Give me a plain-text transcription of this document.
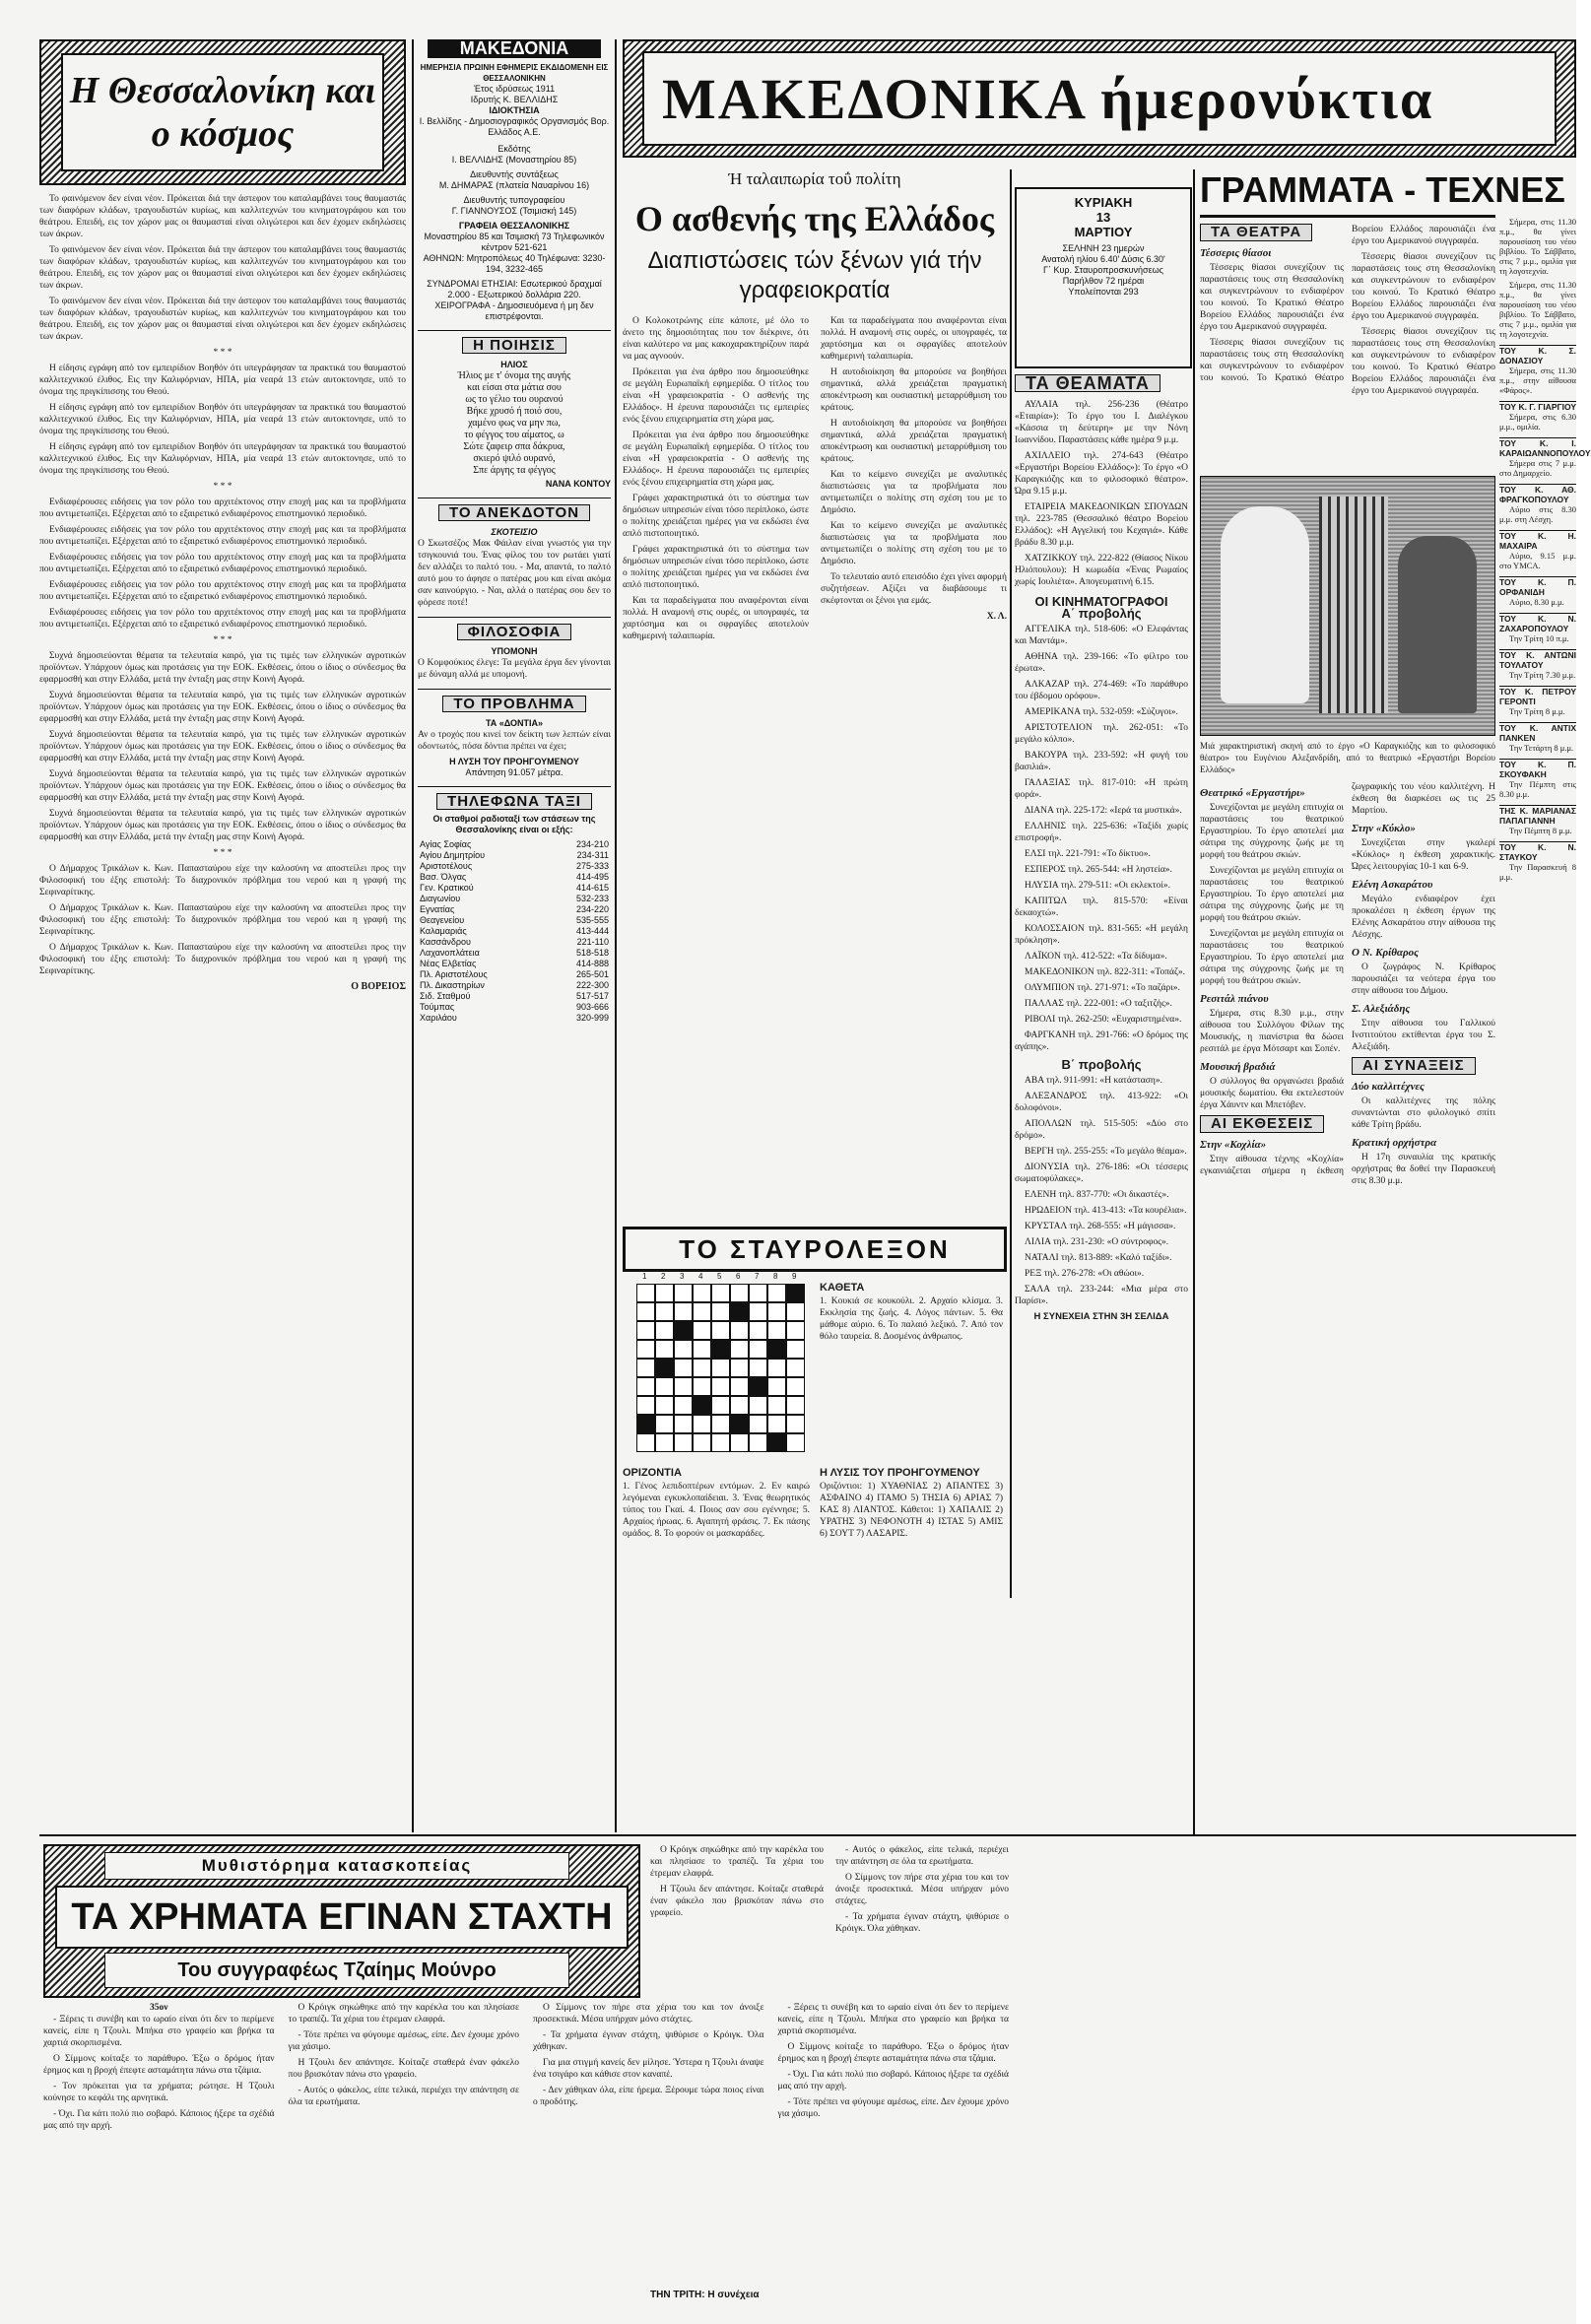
Η Θεσσαλονίκη και ο κόσμος

Το φαινόμενον δεν είναι νέον. Πρόκειται διά την άστεφον του καταλαμβάνει τους θαυμαστάς των διαφόρων κλάδων, τραγουδιστών κυρίως, και καλλιτεχνών του κινηματογράφου και του θεάτρου. Επειδή, εις τον χώρον μας οι θαυμασταί είναι ολιγώτεροι και δεν έχομεν εκδηλώσεις των άκρων.

Το φαινόμενον δεν είναι νέον. Πρόκειται διά την άστεφον του καταλαμβάνει τους θαυμαστάς των διαφόρων κλάδων, τραγουδιστών κυρίως, και καλλιτεχνών του κινηματογράφου και του θεάτρου. Επειδή, εις τον χώρον μας οι θαυμασταί είναι ολιγώτεροι και δεν έχομεν εκδηλώσεις των άκρων.

Το φαινόμενον δεν είναι νέον. Πρόκειται διά την άστεφον του καταλαμβάνει τους θαυμαστάς των διαφόρων κλάδων, τραγουδιστών κυρίως, και καλλιτεχνών του κινηματογράφου και του θεάτρου. Επειδή, εις τον χώρον μας οι θαυμασταί είναι ολιγώτεροι και δεν έχομεν εκδηλώσεις των άκρων.

* * *

Η είδησις εγράφη από τον εμπειρίδιον Βοηθόν ότι υπεγράφησαν τα πρακτικά του θαυμαστού καλλιτεχνικού έλιθος. Εις την Καλιφόρνιαν, ΗΠΑ, μία νεαρά 13 ετών αυτοκτονησε, υπό το όνομα της πριγκίπισσης του Θεού.

Η είδησις εγράφη από τον εμπειρίδιον Βοηθόν ότι υπεγράφησαν τα πρακτικά του θαυμαστού καλλιτεχνικού έλιθος. Εις την Καλιφόρνιαν, ΗΠΑ, μία νεαρά 13 ετών αυτοκτονησε, υπό το όνομα της πριγκίπισσης του Θεού.

Η είδησις εγράφη από τον εμπειρίδιον Βοηθόν ότι υπεγράφησαν τα πρακτικά του θαυμαστού καλλιτεχνικού έλιθος. Εις την Καλιφόρνιαν, ΗΠΑ, μία νεαρά 13 ετών αυτοκτονησε, υπό το όνομα της πριγκίπισσης του Θεού.

* * *

Ενδιαφέρουσες ειδήσεις για τον ρόλο του αρχιτέκτονος στην εποχή μας και τα προβλήματα που αντιμετωπίζει. Εξέρχεται από το εξαιρετικό ενδιαφέρονος επιστημονικό περιοδικό.

Ενδιαφέρουσες ειδήσεις για τον ρόλο του αρχιτέκτονος στην εποχή μας και τα προβλήματα που αντιμετωπίζει. Εξέρχεται από το εξαιρετικό ενδιαφέρονος επιστημονικό περιοδικό.

Ενδιαφέρουσες ειδήσεις για τον ρόλο του αρχιτέκτονος στην εποχή μας και τα προβλήματα που αντιμετωπίζει. Εξέρχεται από το εξαιρετικό ενδιαφέρονος επιστημονικό περιοδικό.

Ενδιαφέρουσες ειδήσεις για τον ρόλο του αρχιτέκτονος στην εποχή μας και τα προβλήματα που αντιμετωπίζει. Εξέρχεται από το εξαιρετικό ενδιαφέρονος επιστημονικό περιοδικό.

Ενδιαφέρουσες ειδήσεις για τον ρόλο του αρχιτέκτονος στην εποχή μας και τα προβλήματα που αντιμετωπίζει. Εξέρχεται από το εξαιρετικό ενδιαφέρονος επιστημονικό περιοδικό.

* * *

Συχνά δημοσιεύονται θέματα τα τελευταία καιρό, για τις τιμές των ελληνικών αγροτικών προϊόντων. Υπάρχουν όμως και προτάσεις για την ΕΟΚ. Εκθέσεις, όπου ο ίδιος ο σύνδεσμος θα εφαρμοσθή και στην Ελλάδα, μετά την ένταξη μας στην Κοινή Αγορά.

Συχνά δημοσιεύονται θέματα τα τελευταία καιρό, για τις τιμές των ελληνικών αγροτικών προϊόντων. Υπάρχουν όμως και προτάσεις για την ΕΟΚ. Εκθέσεις, όπου ο ίδιος ο σύνδεσμος θα εφαρμοσθή και στην Ελλάδα, μετά την ένταξη μας στην Κοινή Αγορά.

Συχνά δημοσιεύονται θέματα τα τελευταία καιρό, για τις τιμές των ελληνικών αγροτικών προϊόντων. Υπάρχουν όμως και προτάσεις για την ΕΟΚ. Εκθέσεις, όπου ο ίδιος ο σύνδεσμος θα εφαρμοσθή και στην Ελλάδα, μετά την ένταξη μας στην Κοινή Αγορά.

Συχνά δημοσιεύονται θέματα τα τελευταία καιρό, για τις τιμές των ελληνικών αγροτικών προϊόντων. Υπάρχουν όμως και προτάσεις για την ΕΟΚ. Εκθέσεις, όπου ο ίδιος ο σύνδεσμος θα εφαρμοσθή και στην Ελλάδα, μετά την ένταξη μας στην Κοινή Αγορά.

Συχνά δημοσιεύονται θέματα τα τελευταία καιρό, για τις τιμές των ελληνικών αγροτικών προϊόντων. Υπάρχουν όμως και προτάσεις για την ΕΟΚ. Εκθέσεις, όπου ο ίδιος ο σύνδεσμος θα εφαρμοσθή και στην Ελλάδα, μετά την ένταξη μας στην Κοινή Αγορά.

* * *

Ο Δήμαρχος Τρικάλων κ. Κων. Παπασταύρου είχε την καλοσύνη να αποστείλει προς την Φιλοσοφική του έξης επιστολή: Το διαχρονικόν πρόβλημα του νερού και η γραφή της Σεφιναρίτικης.

Ο Δήμαρχος Τρικάλων κ. Κων. Παπασταύρου είχε την καλοσύνη να αποστείλει προς την Φιλοσοφική του έξης επιστολή: Το διαχρονικόν πρόβλημα του νερού και η γραφή της Σεφιναρίτικης.

Ο Δήμαρχος Τρικάλων κ. Κων. Παπασταύρου είχε την καλοσύνη να αποστείλει προς την Φιλοσοφική του έξης επιστολή: Το διαχρονικόν πρόβλημα του νερού και η γραφή της Σεφιναρίτικης.

Ο ΒΟΡΕΙΟΣ
ΜΑΚΕΔΟΝΙΑ
ΗΜΕΡΗΣΙΑ ΠΡΩΙΝΗ ΕΦΗΜΕΡΙΣ ΕΚΔΙΔΟΜΕΝΗ ΕΙΣ ΘΕΣΣΑΛΟΝΙΚΗΝ
Έτος ιδρύσεως 1911
Ιδρυτής Κ. ΒΕΛΛΙΔΗΣ
ΙΔΙΟΚΤΗΣΙΑ
Ι. Βελλίδης - Δημοσιογραφικός Οργανισμός Βορ. Ελλάδος Α.Ε.
Εκδότης
Ι. ΒΕΛΛΙΔΗΣ (Μοναστηρίου 85)
Διευθυντής συντάξεως
Μ. ΔΗΜΑΡΑΣ (πλατεία Ναυαρίνου 16)
Διευθυντής τυπογραφείου
Γ. ΓΙΑΝΝΟΥΣΟΣ (Τσιμισκή 145)
ΓΡΑΦΕΙΑ ΘΕΣΣΑΛΟΝΙΚΗΣ
Μοναστηρίου 85 και Τσιμισκή 73 Τηλεφωνικόν κέντρον 521-621
ΑΘΗΝΩΝ: Μητροπόλεως 40 Τηλέφωνα: 3230-194, 3232-465
ΣΥΝΔΡΟΜΑΙ ΕΤΗΣΙΑΙ: Εσωτερικού δραχμαί 2.000 - Εξωτερικού δολλάρια 220.
ΧΕΙΡΟΓΡΑΦΑ - Δημοσιευόμενα ή μη δεν επιστρέφονται.
Η ΠΟΙΗΣΙΣ
ΗΛΙΟΣ
Ήλιος με τ' όνομα της αυγής
και είσαι στα μάτια σου
ως το γέλιο του ουρανού
Βήκε χρυσό ή ποιό σου,
χαμένο φως να μην πω,
το φέγγος του αίματος, ω
Σώτε ζαφειρ σπα δάκρυα,
σκιερό ψιλό ουρανό,
Σπε άργης τα φέγγος
ΝΑΝΑ ΚΟΝΤΟΥ
ΤΟ ΑΝΕΚΔΟΤΟΝ
ΣΚΟΤΕΙΣΙΟ
Ο Σκωτσέζος Μακ Φάιλαν είναι γνωστός για την τσιγκουνιά του. Ένας φίλος του τον ρωτάει γιατί δεν αλλάζει το παλτό του. - Μα, απαντά, το παλτό αυτό μου το άφησε ο πατέρας μου και είναι ακόμα σαν καινούργιο. - Ναι, αλλά ο πατέρας σου δεν το φόρεσε ποτέ!
ΦΙΛΟΣΟΦΙΑ
ΥΠΟΜΟΝΗ
Ο Κομφούκιος έλεγε: Τα μεγάλα έργα δεν γίνονται με δύναμη αλλά με υπομονή.
ΤΟ ΠΡΟΒΛΗΜΑ
ΤΑ «ΔΟΝΤΙΑ»
Αν ο τροχός που κινεί τον δείκτη των λεπτών είναι οδοντωτός, πόσα δόντια πρέπει να έχει;
Η ΛΥΣΗ ΤΟΥ ΠΡΟΗΓΟΥΜΕΝΟΥ
Απάντηση 91.057 μέτρα.
ΤΗΛΕΦΩΝΑ ΤΑΞΙ
Οι σταθμοί ραδιοταξί των στάσεων της Θεσσαλονίκης είναι οι εξής:
Αγίας Σοφίας	234-210
Αγίου Δημητρίου	234-311
Αριστοτέλους	275-333
Βασ. Όλγας	414-495
Γεν. Κρατικού	414-615
Διαγωνίου	532-233
Εγνατίας	234-220
Θεαγενείου	535-555
Καλαμαριάς	413-444
Κασσάνδρου	221-110
Λαχανοπλάτεια	518-518
Νέας Ελβετίας	414-888
Πλ. Αριστοτέλους	265-501
Πλ. Δικαστηρίων	222-300
Σιδ. Σταθμού	517-517
Τούμπας	903-666
Χαριλάου	320-999
ΜΑΚΕΔΟΝΙΚΑ ήμερονύκτια
Ή ταλαιπωρία τοΰ πολίτη
Ο ασθενής της Ελλάδος
Διαπιστώσεις τών ξένων γιά τήν γραφειοκρατία

Ο Κολοκοτρώνης είπε κάποτε, μέ όλο το άνετο της δημοσιότητας που τον διέκρινε, ότι είναι καλύτερο να μας κακοχαρακτηρίζουν παρά να μας αγνοούν.

Πρόκειται για ένα άρθρο που δημοσιεύθηκε σε μεγάλη Ευρωπαϊκή εφημερίδα. Ο τίτλος του είναι «Η γραφειοκρατία - Ο ασθενής της Ελλάδος». Η έρευνα παρουσιάζει τις εμπειρίες ενός ξένου επιχειρηματία στη χώρα μας.

Πρόκειται για ένα άρθρο που δημοσιεύθηκε σε μεγάλη Ευρωπαϊκή εφημερίδα. Ο τίτλος του είναι «Η γραφειοκρατία - Ο ασθενής της Ελλάδος». Η έρευνα παρουσιάζει τις εμπειρίες ενός ξένου επιχειρηματία στη χώρα μας.

Γράφει χαρακτηριστικά ότι το σύστημα των δημόσιων υπηρεσιών είναι τόσο περίπλοκο, ώστε ο πολίτης χρειάζεται ημέρες για να εκδώσει ένα απλό πιστοποιητικό.

Γράφει χαρακτηριστικά ότι το σύστημα των δημόσιων υπηρεσιών είναι τόσο περίπλοκο, ώστε ο πολίτης χρειάζεται ημέρες για να εκδώσει ένα απλό πιστοποιητικό.

Και τα παραδείγματα που αναφέρονται είναι πολλά. Η αναμονή στις ουρές, οι υπογραφές, τα χαρτόσημα και οι σφραγίδες αποτελούν καθημερινή ταλαιπωρία.

Και τα παραδείγματα που αναφέρονται είναι πολλά. Η αναμονή στις ουρές, οι υπογραφές, τα χαρτόσημα και οι σφραγίδες αποτελούν καθημερινή ταλαιπωρία.

Η αυτοδιοίκηση θα μπορούσε να βοηθήσει σημαντικά, αλλά χρειάζεται πραγματική αποκέντρωση και ουσιαστική μεταρρύθμιση του κράτους.

Η αυτοδιοίκηση θα μπορούσε να βοηθήσει σημαντικά, αλλά χρειάζεται πραγματική αποκέντρωση και ουσιαστική μεταρρύθμιση του κράτους.

Και το κείμενο συνεχίζει με αναλυτικές διαπιστώσεις για τα προβλήματα που αντιμετωπίζει ο πολίτης στη σχέση του με το Δημόσιο.

Και το κείμενο συνεχίζει με αναλυτικές διαπιστώσεις για τα προβλήματα που αντιμετωπίζει ο πολίτης στη σχέση του με το Δημόσιο.

Το τελευταίο αυτό επεισόδιο έχει γίνει αφορμή συζητήσεων. Αξίζει να διαβάσουμε τι σκέφτονται οι ξένοι για εμάς.

Χ. Λ.
ΚΥΡΙΑΚΗ
13
ΜΑΡΤΙΟΥ
ΣΕΛΗΝΗ 23 ημερών
Ανατολή ηλίου 6.40' Δύσις 6.30'
Γ΄ Κυρ. Σταυροπροσκυνήσεως
Παρήλθον 72 ημέραι
Υπολείπονται 293
ΤΑ ΘΕΑΜΑΤΑ

ΑΥΛΑΙΑ τηλ. 256-236 (Θέατρο «Εταιρία»): Το έργο του Ι. Διαλέγκου «Κάσσια τη δεύτερη» με την Νόνη Ιωαννίδου. Παραστάσεις κάθε ημέρα 9 μ.μ.

ΑΧΙΛΛΕΙΟ τηλ. 274-643 (Θέατρο «Εργαστήρι Βορείου Ελλάδος»): Το έργο «Ο Καραγκιόζης και το φιλοσοφικό θέατρο». Ώρα 9.15 μ.μ.

ΕΤΑΙΡΕΙΑ ΜΑΚΕΔΟΝΙΚΩΝ ΣΠΟΥΔΩΝ τηλ. 223-785 (Θεσσαλικό θέατρο Βορείου Ελλάδος): «Η Αγγελική του Κεχαγιά». Κάθε βράδυ 8.30 μ.μ.

ΧΑΤΖΙΚΚΟΥ τηλ. 222-822 (Θίασος Νίκου Ηλιόπουλου): Η κωμωδία «Ένας Ρωμαίος χωρίς Ιουλιέτα». Απογευματινή 6.15.

ΟΙ ΚΙΝΗΜΑΤΟΓΡΑΦΟΙ
Α΄ προβολής

ΑΓΓΕΛΙΚΑ τηλ. 518-606: «Ο Ελεφάντας και Μαντάμ».

ΑΘΗΝΑ τηλ. 239-166: «Το φίλτρο του έρωτα».

ΑΛΚΑΖΑΡ τηλ. 274-469: «Το παράθυρο του έβδομου ορόφου».

ΑΜΕΡΙΚΑΝΑ τηλ. 532-059: «Σύζυγοι».

ΑΡΙΣΤΟΤΕΛΙΟΝ τηλ. 262-051: «Το μεγάλο κόλπο».

ΒΑΚΟΥΡΑ τηλ. 233-592: «Η φυγή του βασιλιά».

ΓΑΛΑΞΙΑΣ τηλ. 817-010: «Η πρώτη φορά».

ΔΙΑΝΑ τηλ. 225-172: «Ιερά τα μυστικά».

ΕΛΛΗΝΙΣ τηλ. 225-636: «Ταξίδι χωρίς επιστροφή».

ΕΛΣΙ τηλ. 221-791: «Το δίκτυο».

ΕΣΠΕΡΟΣ τηλ. 265-544: «Η ληστεία».

ΗΛΥΣΙΑ τηλ. 279-511: «Οι εκλεκτοί».

ΚΑΠΙΤΩΛ τηλ. 815-570: «Είναι δεκαοχτώ».

ΚΟΛΟΣΣΑΙΟΝ τηλ. 831-565: «Η μεγάλη πρόκληση».

ΛΑΪΚΟΝ τηλ. 412-522: «Τα δίδυμα».

ΜΑΚΕΔΟΝΙΚΟΝ τηλ. 822-311: «Τοπάζ».

ΟΛΥΜΠΙΟΝ τηλ. 271-971: «Το παζάρι».

ΠΑΛΛΑΣ τηλ. 222-001: «Ο ταξιτζής».

ΡΙΒΟΛΙ τηλ. 262-250: «Ευχαριστημένα».

ΦΑΡΓΚΑΝΗ τηλ. 291-766: «Ο δρόμος της αγάπης».

Β΄ προβολής

ΑΒΑ τηλ. 911-991: «Η κατάσταση».

ΑΛΕΞΑΝΔΡΟΣ τηλ. 413-922: «Οι δολοφόνοι».

ΑΠΟΛΛΩΝ τηλ. 515-505: «Δύο στο δρόμο».

ΒΕΡΓΗ τηλ. 255-255: «Το μεγάλο θέαμα».

ΔΙΟΝΥΣΙΑ τηλ. 276-186: «Οι τέσσερις σωματοφύλακες».

ΕΛΕΝΗ τηλ. 837-770: «Οι δικαστές».

ΗΡΩΔΕΙΟΝ τηλ. 413-413: «Τα κουρέλια».

ΚΡΥΣΤΑΛ τηλ. 268-555: «Η μάγισσα».

ΛΙΛΙΑ τηλ. 231-230: «Ο σύντροφος».

ΝΑΤΑΛΙ τηλ. 813-889: «Καλό ταξίδι».

ΡΕΞ τηλ. 276-278: «Οι αθώοι».

ΣΑΛΑ τηλ. 233-244: «Μια μέρα στο Παρίσι».

Η ΣΥΝΕΧΕΙΑ ΣΤΗΝ 3Η ΣΕΛΙΔΑ
ΤΟ ΣΤΑΥΡΟΛΕΞΟΝ
1 2 3 4 5 6 7 8 9
ΚΑΘΕΤΑ
1. Κουκιά σε κουκούλι. 2. Αρχαίο κλίσμα. 3. Εκκλησία της ζωής. 4. Λόγος πάντων. 5. Θα μάθομε αύριο. 6. Το παλαιό λεξικό. 7. Από τον θόλο ταυρεία. 8. Δοσμένος άνθρωπος.
ΟΡΙΖΟΝΤΙΑ
1. Γένος λεπιδοπτέρων εντόμων. 2. Εν καιρώ λεγόμεναι εγκυκλοπαίδειαι. 3. Ένας θεωρητικός τύπος του Γκαί. 4. Ποιος σαν σου εγέννησε; 5. Αρχαίος ήρωας. 6. Αγαπητή φράσις. 7. Εκ πάσης ομάδος. 8. Το φορούν οι μασκαράδες.
Η ΛΥΣΙΣ ΤΟΥ ΠΡΟΗΓΟΥΜΕΝΟΥ
Οριζόντιοι: 1) ΧΥΑΘΝΙΑΣ 2) ΑΠΑΝΤΕΣ 3) ΑΣΦΑΙΝΟ 4) ΙΤΑΜΟ 5) ΤΗΣΙΑ 6) ΑΡΙΑΣ 7) ΚΑΣ 8) ΛΙΑΝΤΟΣ. Κάθετοι: 1) ΧΑΠΑΛΙΣ 2) ΥΡΑΤΗΣ 3) ΝΕΦΟΝΟΤΗ 4) ΙΣΤΑΣ 5) ΑΜΙΣ 6) ΣΟΥΤ 7) ΛΑΣΑΡΙΣ.
ΓΡΑΜΜΑΤΑ - ΤΕΧΝΕΣ
ΤΑ ΘΕΑΤΡΑ
Τέσσερις θίασοι

Τέσσερις θίασοι συνεχίζουν τις παραστάσεις τους στη Θεσσαλονίκη και συγκεντρώνουν το ενδιαφέρον του κοινού. Το Κρατικό Θέατρο Βορείου Ελλάδος παρουσιάζει ένα έργο του Αμερικανού συγγραφέα.

Τέσσερις θίασοι συνεχίζουν τις παραστάσεις τους στη Θεσσαλονίκη και συγκεντρώνουν το ενδιαφέρον του κοινού. Το Κρατικό Θέατρο Βορείου Ελλάδος παρουσιάζει ένα έργο του Αμερικανού συγγραφέα.

Τέσσερις θίασοι συνεχίζουν τις παραστάσεις τους στη Θεσσαλονίκη και συγκεντρώνουν το ενδιαφέρον του κοινού. Το Κρατικό Θέατρο Βορείου Ελλάδος παρουσιάζει ένα έργο του Αμερικανού συγγραφέα.

Τέσσερις θίασοι συνεχίζουν τις παραστάσεις τους στη Θεσσαλονίκη και συγκεντρώνουν το ενδιαφέρον του κοινού. Το Κρατικό Θέατρο Βορείου Ελλάδος παρουσιάζει ένα έργο του Αμερικανού συγγραφέα.

Μιά χαρακτηριστική σκηνή από το έργο «Ο Καραγκιόζης και το φιλοσοφικό θέατρο» του Ευγένιου Αλεξανδρίδη, από το θεατρικό «Εργαστήρι Βορείου Ελλάδος»
Θεατρικό «Εργαστήρι»

Συνεχίζονται με μεγάλη επιτυχία οι παραστάσεις του θεατρικού Εργαστηρίου. Το έργο αποτελεί μια σάτιρα της σύγχρονης ζωής με τη μορφή του θεάτρου σκιών.

Συνεχίζονται με μεγάλη επιτυχία οι παραστάσεις του θεατρικού Εργαστηρίου. Το έργο αποτελεί μια σάτιρα της σύγχρονης ζωής με τη μορφή του θεάτρου σκιών.

Συνεχίζονται με μεγάλη επιτυχία οι παραστάσεις του θεατρικού Εργαστηρίου. Το έργο αποτελεί μια σάτιρα της σύγχρονης ζωής με τη μορφή του θεάτρου σκιών.

Ρεσιτάλ πιάνου

Σήμερα, στις 8.30 μ.μ., στην αίθουσα του Συλλόγου Φίλων της Μουσικής, η πιανίστρια θα δώσει ρεσιτάλ με έργα Μότσαρτ και Σοπέν.

Μουσική βραδιά

Ο σύλλογος θα οργανώσει βραδιά μουσικής δωματίου. Θα εκτελεστούν έργα Χάυντν και Μπετόβεν.

ΑΙ ΕΚΘΕΣΕΙΣ
Στην «Κοχλία»

Στην αίθουσα τέχνης «Κοχλία» εγκαινιάζεται σήμερα η έκθεση ζωγραφικής του νέου καλλιτέχνη. Η έκθεση θα διαρκέσει ως τις 25 Μαρτίου.

Στην «Κύκλο»

Συνεχίζεται στην γκαλερί «Κύκλος» η έκθεση χαρακτικής. Ώρες λειτουργίας 10-1 και 6-9.

Ελένη Ασκαράτου

Μεγάλο ενδιαφέρον έχει προκαλέσει η έκθεση έργων της Ελένης Ασκαράτου στην αίθουσα της Λέσχης.

Ο Ν. Κρίθαρος

Ο ζωγράφος Ν. Κρίθαρος παρουσιάζει τα νεότερα έργα του στην αίθουσα του Δήμου.

Σ. Αλεξιάδης

Στην αίθουσα του Γαλλικού Ινστιτούτου εκτίθενται έργα του Σ. Αλεξιάδη.

ΑΙ ΣΥΝΑΞΕΙΣ
Δύο καλλιτέχνες

Οι καλλιτέχνες της πόλης συναντώνται στο φιλολογικό σπίτι κάθε Τρίτη βράδυ.

Κρατική ορχήστρα

Η 17η συναυλία της κρατικής ορχήστρας θα δοθεί την Παρασκευή στις 8.30 μ.μ.

Σήμερα, στις 11.30 π.μ., θα γίνει παρουσίαση του νέου βιβλίου. Το Σάββατο, στις 7 μ.μ., ομιλία για τη λογοτεχνία.

Σήμερα, στις 11.30 π.μ., θα γίνει παρουσίαση του νέου βιβλίου. Το Σάββατο, στις 7 μ.μ., ομιλία για τη λογοτεχνία.

ΤΟΥ Κ. Σ. ΔΟΝΑΣΙΟΥ

Σήμερα, στις 11.30 π.μ., στην αίθουσα «Φάρος».

ΤΟΥ Κ. Γ. ΓΙΑΡΓΙΟΥ

Σήμερα, στις 6.30 μ.μ., ομιλία.

ΤΟΥ Κ. Ι. ΚΑΡΑΙΩΑΝΝΟΠΟΥΛΟΥ

Σήμερα στις 7 μ.μ. στο Δημαρχείο.

ΤΟΥ Κ. ΑΘ. ΦΡΑΓΚΟΠΟΥΛΟΥ

Αύριο στις 8.30 μ.μ. στη Λέσχη.

ΤΟΥ Κ. Η. ΜΑΧΑΙΡΑ

Αύριο, 9.15 μ.μ. στο ΥΜCA.

ΤΟΥ Κ. Π. ΟΡΦΑΝΙΔΗ

Αύριο, 8.30 μ.μ.

ΤΟΥ Κ. Ν. ΖΑΧΑΡΟΠΟΥΛΟΥ

Την Τρίτη 10 π.μ.

ΤΟΥ Κ. ΑΝΤΩΝΙ ΤΟΥΛΑΤΟΥ

Την Τρίτη 7.30 μ.μ.

ΤΟΥ Κ. ΠΕΤΡΟΥ ΓΕΡΟΝΤΙ

Την Τρίτη 8 μ.μ.

ΤΟΥ Κ. ΑΝΤΙΧ ΠΑΝΚΕΝ

Την Τετάρτη 8 μ.μ.

ΤΟΥ Κ. Π. ΣΚΟΥΦΑΚΗ

Την Πέμπτη στις 8.30 μ.μ.

ΤΗΣ Κ. ΜΑΡΙΑΝΑΣ ΠΑΠΑΓΙΑΝΝΗ

Την Πέμπτη 8 μ.μ.

ΤΟΥ Κ. Ν. ΣΤΑΥΚΟΥ

Την Παρασκευή 8 μ.μ.

Μυθιστόρημα κατασκοπείας
ΤΑ ΧΡΗΜΑΤΑ ΕΓΙΝΑΝ ΣΤΑΧΤΗ
Του συγγραφέως Τζαίημς Μούνρο
35ον

- Ξέρεις τι συνέβη και το ωραίο είναι ότι δεν το περίμενε κανείς, είπε η Τζουλι. Μπήκα στο γραφείο και βρήκα τα χαρτιά σκορπισμένα.

Ο Σίμμονς κοίταξε το παράθυρο. Έξω ο δρόμος ήταν έρημος και η βροχή έπεφτε ασταμάτητα πάνω στα τζάμια.

- Τον πρόκειται για τα χρήματα; ρώτησε. Η Τζουλι κούνησε το κεφάλι της αρνητικά.

- Όχι. Για κάτι πολύ πιο σοβαρό. Κάποιος ήξερε τα σχέδιά μας από την αρχή.

Ο Κρόιγκ σηκώθηκε από την καρέκλα του και πλησίασε το τραπέζι. Τα χέρια του έτρεμαν ελαφρά.

- Τότε πρέπει να φύγουμε αμέσως, είπε. Δεν έχουμε χρόνο για χάσιμο.

Η Τζουλι δεν απάντησε. Κοίταζε σταθερά έναν φάκελο που βρισκόταν πάνω στο γραφείο.

- Αυτός ο φάκελος, είπε τελικά, περιέχει την απάντηση σε όλα τα ερωτήματα.

Ο Σίμμονς τον πήρε στα χέρια του και τον άνοιξε προσεκτικά. Μέσα υπήρχαν μόνο στάχτες.

- Τα χρήματα έγιναν στάχτη, ψιθύρισε ο Κρόιγκ. Όλα χάθηκαν.

Για μια στιγμή κανείς δεν μίλησε. Ύστερα η Τζουλι άναψε ένα τσιγάρο και κάθισε στον καναπέ.

- Δεν χάθηκαν όλα, είπε ήρεμα. Ξέρουμε τώρα ποιος είναι ο προδότης.

- Ξέρεις τι συνέβη και το ωραίο είναι ότι δεν το περίμενε κανείς, είπε η Τζουλι. Μπήκα στο γραφείο και βρήκα τα χαρτιά σκορπισμένα.

Ο Σίμμονς κοίταξε το παράθυρο. Έξω ο δρόμος ήταν έρημος και η βροχή έπεφτε ασταμάτητα πάνω στα τζάμια.

- Όχι. Για κάτι πολύ πιο σοβαρό. Κάποιος ήξερε τα σχέδιά μας από την αρχή.

- Τότε πρέπει να φύγουμε αμέσως, είπε. Δεν έχουμε χρόνο για χάσιμο.

Ο Κρόιγκ σηκώθηκε από την καρέκλα του και πλησίασε το τραπέζι. Τα χέρια του έτρεμαν ελαφρά.

Η Τζουλι δεν απάντησε. Κοίταζε σταθερά έναν φάκελο που βρισκόταν πάνω στο γραφείο.

- Αυτός ο φάκελος, είπε τελικά, περιέχει την απάντηση σε όλα τα ερωτήματα.

Ο Σίμμονς τον πήρε στα χέρια του και τον άνοιξε προσεκτικά. Μέσα υπήρχαν μόνο στάχτες.

- Τα χρήματα έγιναν στάχτη, ψιθύρισε ο Κρόιγκ. Όλα χάθηκαν.

ΤΗΝ ΤΡΙΤΗ: Η συνέχεια
